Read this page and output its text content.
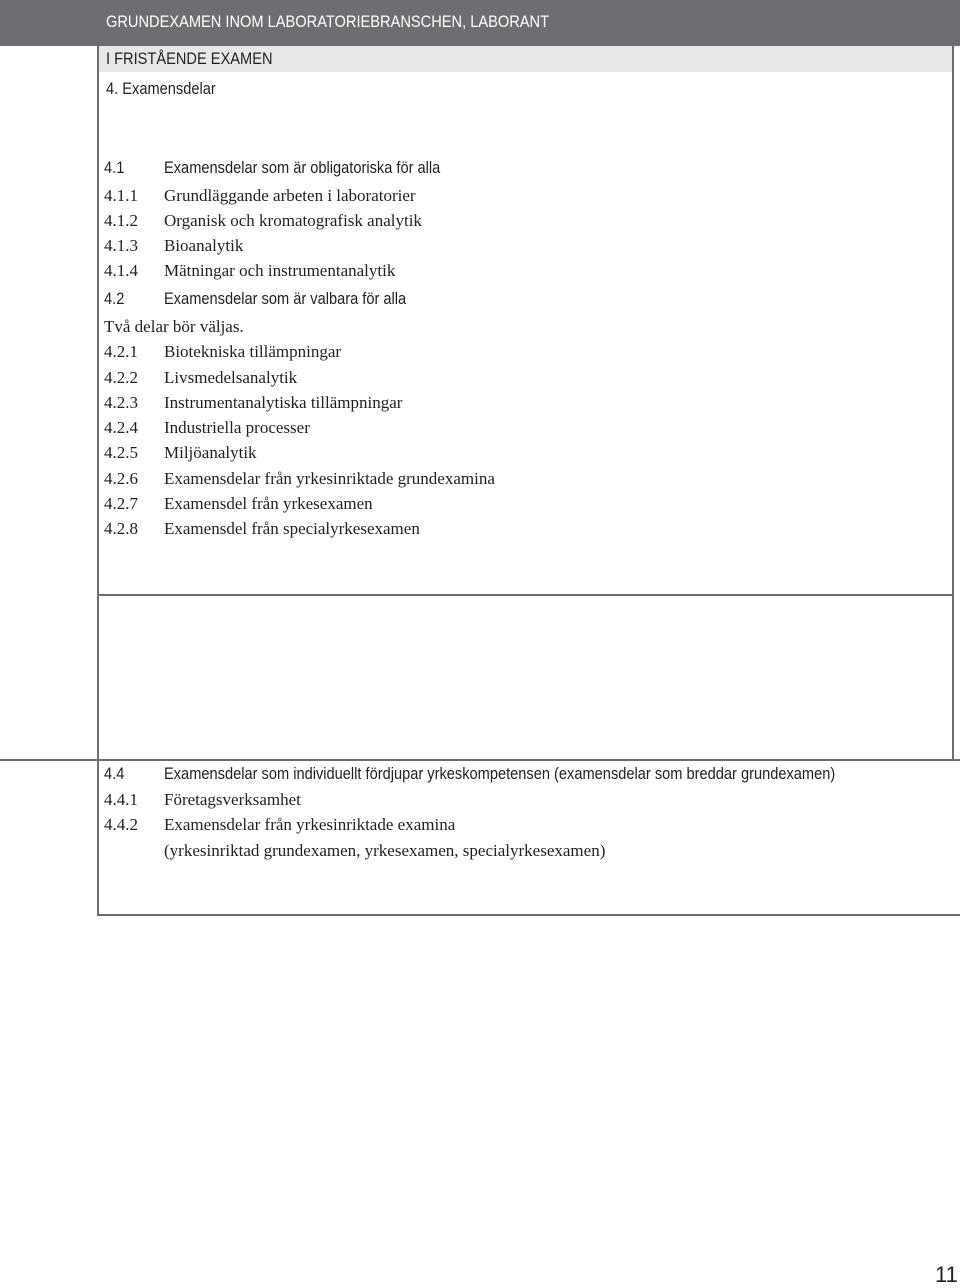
GRUNDEXAMEN INOM LABORATORIEBRANSCHEN, LABORANT
I FRISTÅENDE EXAMEN
4. Examensdelar
4.1 Examensdelar som är obligatoriska för alla
4.1.1 Grundläggande arbeten i laboratorier
4.1.2 Organisk och kromatografisk analytik
4.1.3 Bioanalytik
4.1.4 Mätningar och instrumentanalytik
4.2 Examensdelar som är valbara för alla
Två delar bör väljas.
4.2.1 Biotekniska tillämpningar
4.2.2 Livsmedelsanalytik
4.2.3 Instrumentanalytiska tillämpningar
4.2.4 Industriella processer
4.2.5 Miljöanalytik
4.2.6 Examensdelar från yrkesinriktade grundexamina
4.2.7 Examensdel från yrkesexamen
4.2.8 Examensdel från specialyrkesexamen
4.4 Examensdelar som individuellt fördjupar yrkeskompetensen (examensdelar som breddar grundexamen)
4.4.1 Företagsverksamhet
4.4.2 Examensdelar från yrkesinriktade examina
(yrkesinriktad grundexamen, yrkesexamen, specialyrkesexamen)
11
